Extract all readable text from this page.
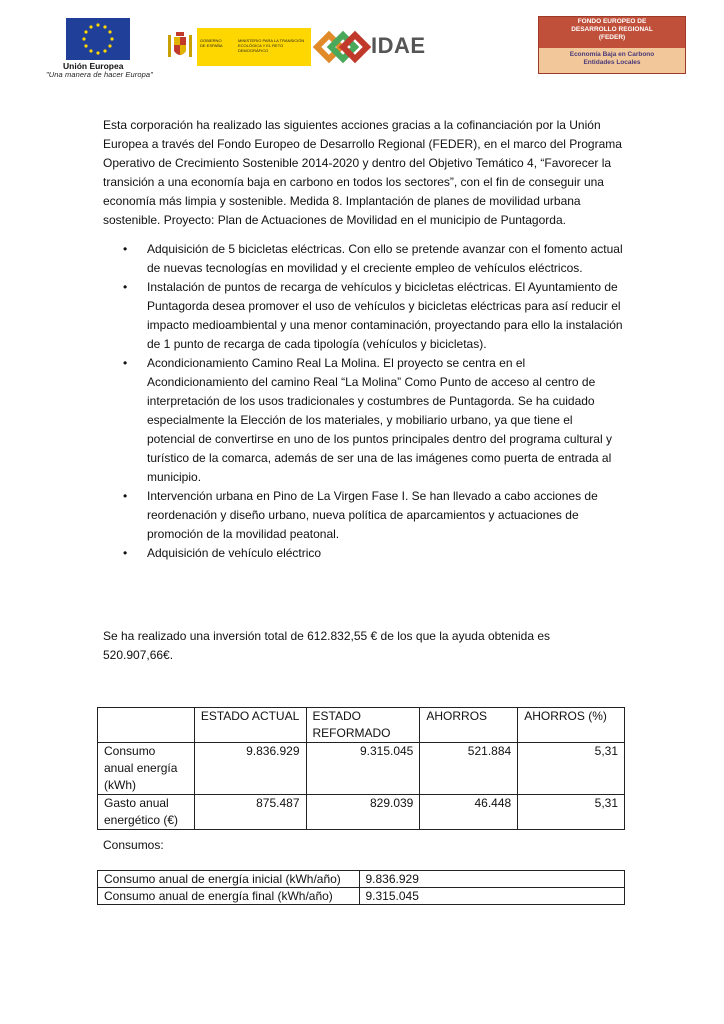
Unión Europea
"Una manera de hacer Europa"
GOBIERNO DE ESPAÑA
MINISTERIO PARA LA TRANSICIÓN ECOLÓGICA Y EL RETO DEMOGRÁFICO	IDAE
FONDO EUROPEO DE
DESARROLLO REGIONAL
(FEDER)
Economía Baja en Carbono
Entidades Locales

Esta corporación ha realizado las siguientes acciones gracias a la cofinanciación por la Unión Europea a través del Fondo Europeo de Desarrollo Regional (FEDER), en el marco del Programa Operativo de Crecimiento Sostenible 2014-2020 y dentro del Objetivo Temático 4, “Favorecer la transición a una economía baja en carbono en todos los sectores”, con el fin de conseguir una economía más limpia y sostenible. Medida 8. Implantación de planes de movilidad urbana sostenible. Proyecto: Plan de Actuaciones de Movilidad en el municipio de Puntagorda.

• Adquisición de 5 bicicletas eléctricas. Con ello se pretende avanzar con el fomento actual de nuevas tecnologías en movilidad y el creciente empleo de vehículos eléctricos.
• Instalación de puntos de recarga de vehículos y bicicletas eléctricas. El Ayuntamiento de Puntagorda desea promover el uso de vehículos y bicicletas eléctricas para así reducir el impacto medioambiental y una menor contaminación, proyectando para ello la instalación de 1 punto de recarga de cada tipología (vehículos y bicicletas).
• Acondicionamiento Camino Real La Molina. El proyecto se centra en el Acondicionamiento del camino Real “La Molina” Como Punto de acceso al centro de interpretación de los usos tradicionales y costumbres de Puntagorda. Se ha cuidado especialmente la Elección de los materiales, y mobiliario urbano, ya que tiene el potencial de convertirse en uno de los puntos principales dentro del programa cultural y turístico de la comarca, además de ser una de las imágenes como puerta de entrada al municipio.
• Intervención urbana en Pino de La Virgen Fase I. Se han llevado a cabo acciones de reordenación y diseño urbano, nueva política de aparcamientos y actuaciones de promoción de la movilidad peatonal.
• Adquisición de vehículo eléctrico

Se ha realizado una inversión total de 612.832,55 € de los que la ayuda obtenida es 520.907,66€.

	ESTADO ACTUAL	ESTADO REFORMADO	AHORROS	AHORROS (%)
Consumo anual energía (kWh)	9.836.929	9.315.045	521.884	5,31
Gasto anual energético (€)	875.487	829.039	46.448	5,31

Consumos:

Consumo anual de energía inicial (kWh/año)	9.836.929
Consumo anual de energía final (kWh/año)	9.315.045
